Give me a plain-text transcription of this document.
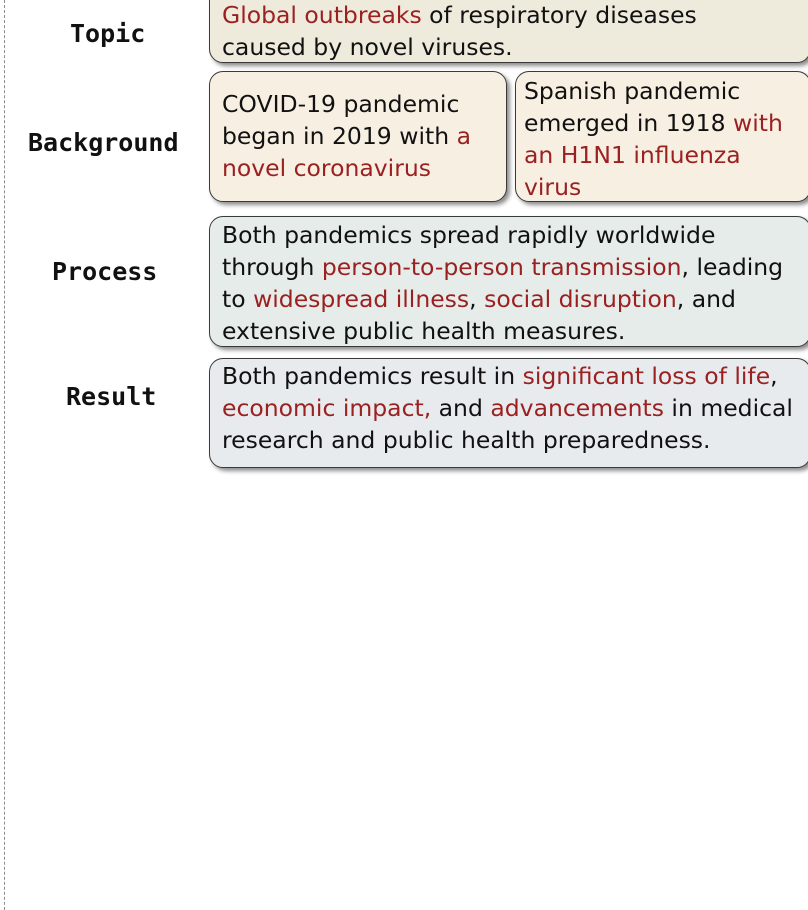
Topic
Background
Process
Result
Global outbreaks of respiratory diseases
caused by novel viruses.
COVID-19 pandemic
began in 2019 with a
novel coronavirus
Spanish pandemic
emerged in 1918 with
an H1N1 influenza
virus
Both pandemics spread rapidly worldwide
through person-to-person transmission, leading
to widespread illness, social disruption, and
extensive public health measures.
Both pandemics result in significant loss of life,
economic impact, and advancements in medical
research and public health preparedness.
